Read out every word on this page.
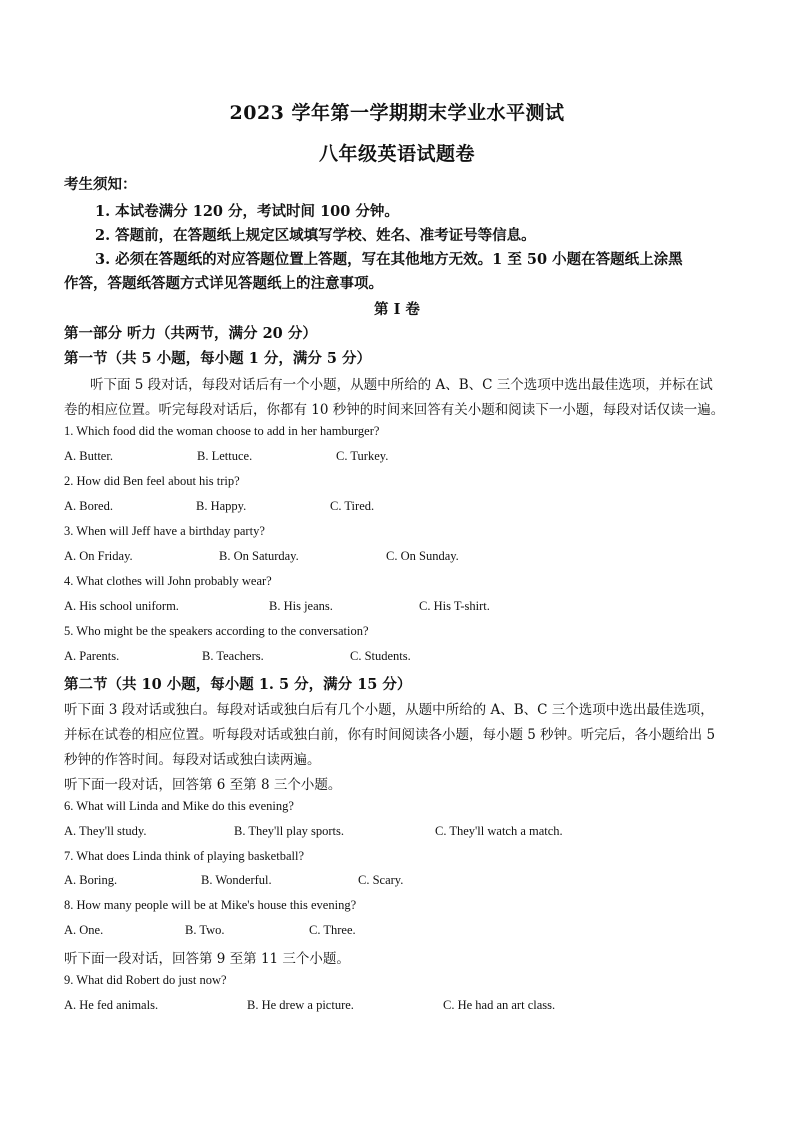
2023 学年第一学期期末学业水平测试
八年级英语试题卷
考生须知：
1. 本试卷满分 120 分，考试时间 100 分钟。
2. 答题前，在答题纸上规定区域填写学校、姓名、准考证号等信息。
3. 必须在答题纸的对应答题位置上答题，写在其他地方无效。1 至 50 小题在答题纸上涂黑
作答，答题纸答题方式详见答题纸上的注意事项。
第 I 卷
第一部分 听力（共两节，满分 20 分）
第一节（共 5 小题，每小题 1 分，满分 5 分）
听下面 5 段对话，每段对话后有一个小题，从题中所给的 A、B、C 三个选项中选出最佳选项，并标在试
卷的相应位置。听完每段对话后，你都有 10 秒钟的时间来回答有关小题和阅读下一小题，每段对话仅读一遍。
1. Which food did the woman choose to add in her hamburger?
A. Butter.	B. Lettuce.	C. Turkey.
2. How did Ben feel about his trip?
A. Bored.	B. Happy.	C. Tired.
3. When will Jeff have a birthday party?
A. On Friday.	B. On Saturday.	C. On Sunday.
4. What clothes will John probably wear?
A. His school uniform.	B. His jeans.	C. His T-shirt.
5. Who might be the speakers according to the conversation?
A. Parents.	B. Teachers.	C. Students.
第二节（共 10 小题，每小题 1. 5 分，满分 15 分）
听下面 3 段对话或独白。每段对话或独白后有几个小题，从题中所给的 A、B、C 三个选项中选出最佳选项，
并标在试卷的相应位置。听每段对话或独白前，你有时间阅读各小题，每小题 5 秒钟。听完后，各小题给出 5
秒钟的作答时间。每段对话或独白读两遍。
听下面一段对话，回答第 6 至第 8 三个小题。
6. What will Linda and Mike do this evening?
A. They'll study.	B. They'll play sports.	C. They'll watch a match.
7. What does Linda think of playing basketball?
A. Boring.	B. Wonderful.	C. Scary.
8. How many people will be at Mike's house this evening?
A. One.	B. Two.	C. Three.
听下面一段对话，回答第 9 至第 11 三个小题。
9. What did Robert do just now?
A. He fed animals.	B. He drew a picture.	C. He had an art class.
